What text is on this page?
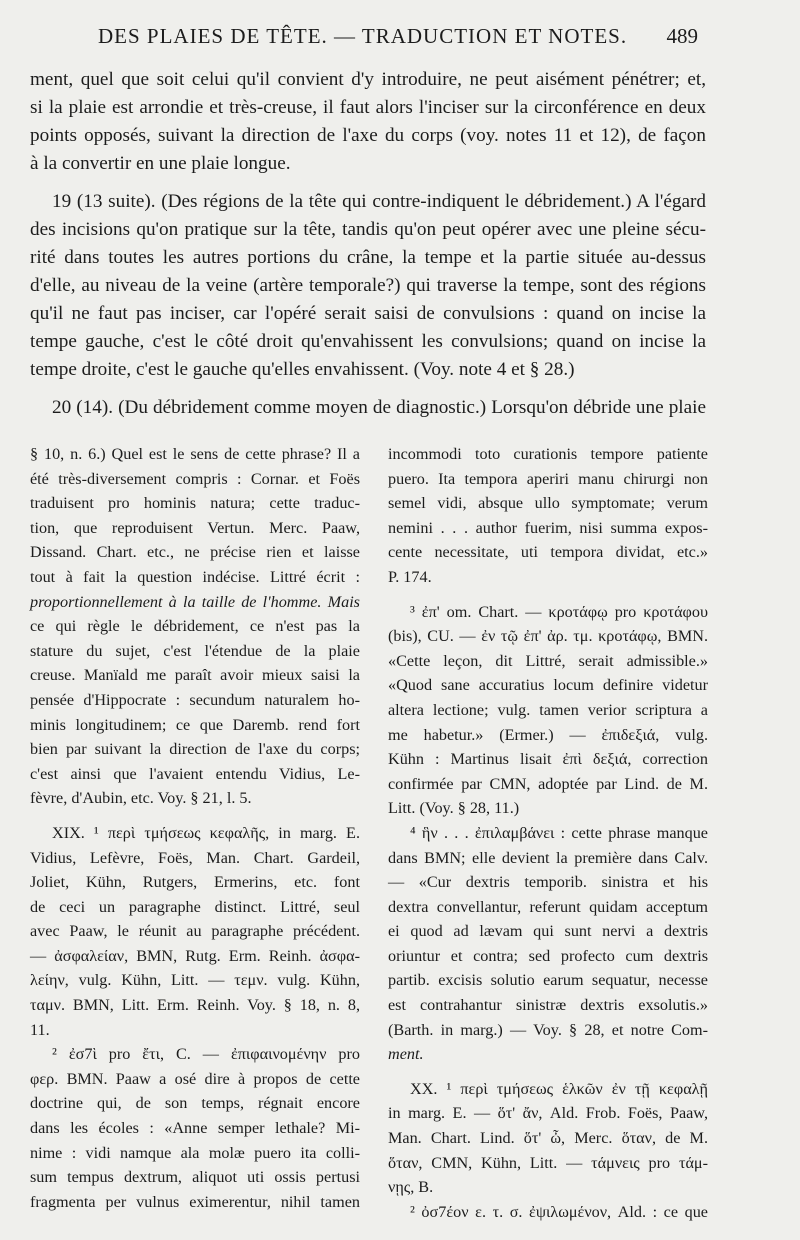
DES PLAIES DE TÊTE. — TRADUCTION ET NOTES. 489
ment, quel que soit celui qu'il convient d'y introduire, ne peut aisément pénétrer; et,
si la plaie est arrondie et très-creuse, il faut alors l'inciser sur la circonférence en deux
points opposés, suivant la direction de l'axe du corps (voy. notes 11 et 12), de façon
à la convertir en une plaie longue.
19 (13 suite). (Des régions de la tête qui contre-indiquent le débridement.) A l'égard
des incisions qu'on pratique sur la tête, tandis qu'on peut opérer avec une pleine sécu-
rité dans toutes les autres portions du crâne, la tempe et la partie située au-dessus
d'elle, au niveau de la veine (artère temporale?) qui traverse la tempe, sont des régions
qu'il ne faut pas inciser, car l'opéré serait saisi de convulsions : quand on incise la
tempe gauche, c'est le côté droit qu'envahissent les convulsions; quand on incise la
tempe droite, c'est le gauche qu'elles envahissent. (Voy. note 4 et § 28.)
20 (14). (Du débridement comme moyen de diagnostic.) Lorsqu'on débride une plaie
§ 10, n. 6.) Quel est le sens de cette phrase? Il a
été très-diversement compris : Cornar. et Foës
traduisent pro hominis natura; cette traduc-
tion, que reproduisent Vertun. Merc. Paaw,
Dissand. Chart. etc., ne précise rien et laisse
tout à fait la question indécise. Littré écrit :
proportionnellement à la taille de l'homme. Mais
ce qui règle le débridement, ce n'est pas la
stature du sujet, c'est l'étendue de la plaie
creuse. Manïald me paraît avoir mieux saisi la
pensée d'Hippocrate : secundum naturalem ho-
minis longitudinem; ce que Daremb. rend fort
bien par suivant la direction de l'axe du corps;
c'est ainsi que l'avaient entendu Vidius, Le-
fèvre, d'Aubin, etc. Voy. § 21, l. 5.
XIX. ¹ περὶ τμήσεως κεφαλῆς, in marg. E.
Vidius, Lefèvre, Foës, Man. Chart. Gardeil,
Joliet, Kühn, Rutgers, Ermerins, etc. font
de ceci un paragraphe distinct. Littré, seul
avec Paaw, le réunit au paragraphe précédent.
— ἀσφαλείαν, BMN, Rutg. Erm. Reinh. ἀσφα-
λείην, vulg. Kühn, Litt. — τεμν. vulg. Kühn,
ταμν. BMN, Litt. Erm. Reinh. Voy. § 18, n. 8,
11.
² ἐσ7ὶ pro ἔτι, C. — ἐπιφαινομένην pro
φερ. BMN. Paaw a osé dire à propos de cette
doctrine qui, de son temps, régnait encore
dans les écoles : «Anne semper lethale? Mi-
nime : vidi namque ala molæ puero ita colli-
sum tempus dextrum, aliquot uti ossis pertusi
fragmenta per vulnus eximerentur, nihil tamen
incommodi toto curationis tempore patiente
puero. Ita tempora aperiri manu chirurgi non
semel vidi, absque ullo symptomate; verum
nemini . . . author fuerim, nisi summa expos-
cente necessitate, uti tempora dividat, etc.»
P. 174.
³ ἐπ' om. Chart. — κροτάφῳ pro κροτάφου
(bis), CU. — ἐν τῷ ἐπ' ἀρ. τμ. κροτάφῳ, BMN.
«Cette leçon, dit Littré, serait admissible.»
«Quod sane accuratius locum definire videtur
altera lectione; vulg. tamen verior scriptura a
me habetur.» (Ermer.) — ἐπιδεξιά, vulg.
Kühn : Martinus lisait ἐπὶ δεξιά, correction
confirmée par CMN, adoptée par Lind. de M.
Litt. (Voy. § 28, 11.)
⁴ ἣν . . . ἐπιλαμβάνει : cette phrase manque
dans BMN; elle devient la première dans Calv.
— «Cur dextris temporib. sinistra et his
dextra convellantur, referunt quidam acceptum
ei quod ad lævam qui sunt nervi a dextris
oriuntur et contra; sed profecto cum dextris
partib. excisis solutio earum sequatur, necesse
est contrahantur sinistræ dextris exsolutis.»
(Barth. in marg.) — Voy. § 28, et notre Com-
ment.
XX. ¹ περὶ τμήσεως ἑλκῶν ἐν τῇ κεφαλῇ
in marg. E. — ὅτ' ἄν, Ald. Frob. Foës, Paaw,
Man. Chart. Lind. ὅτ' ὦ, Merc. ὅταν, de M.
ὅταν, CMN, Kühn, Litt. — τάμνεις pro τάμ-
νῃς, B.
² ὀσ7έον ε. τ. σ. ἐψιλωμένον, Ald. : ce que
